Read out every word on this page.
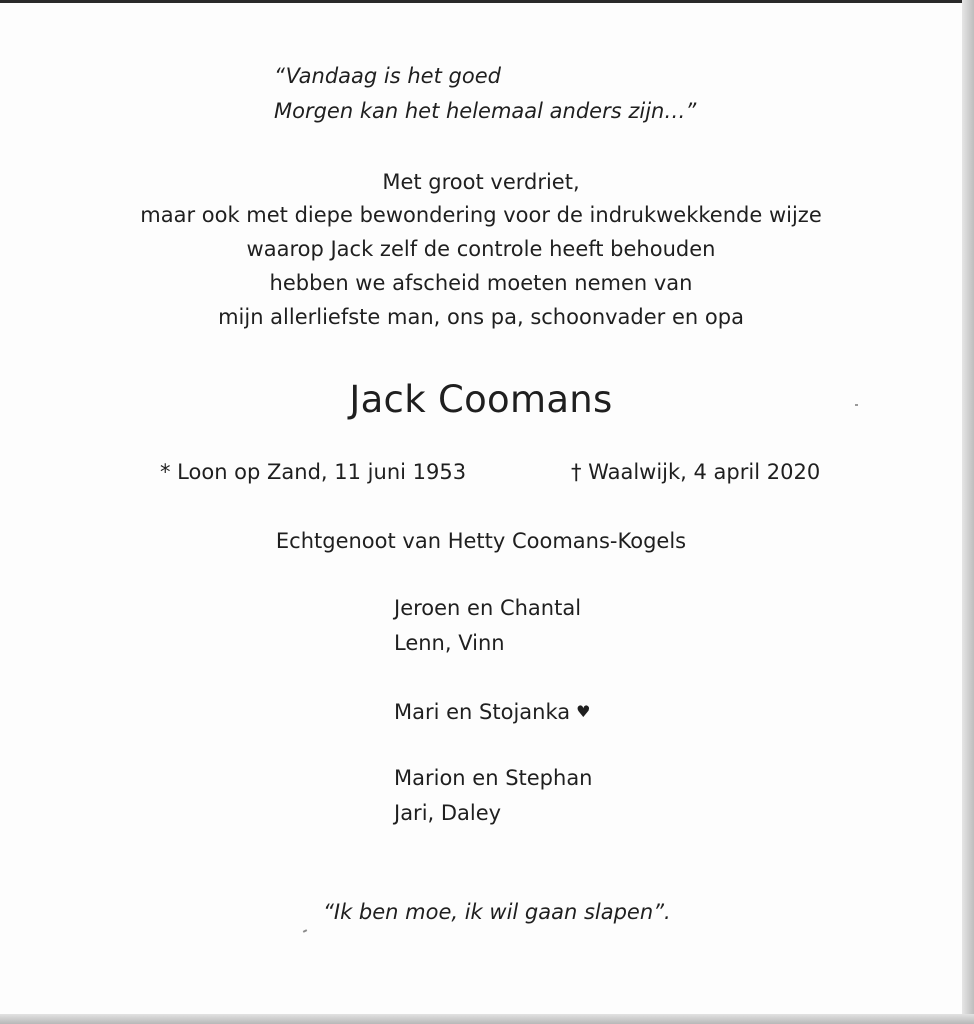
“Vandaag is het goed
Morgen kan het helemaal anders zijn…”
Met groot verdriet,
maar ook met diepe bewondering voor de indrukwekkende wijze
waarop Jack zelf de controle heeft behouden
hebben we afscheid moeten nemen van
mijn allerliefste man, ons pa, schoonvader en opa
Jack Coomans
* Loon op Zand, 11 juni 1953	† Waalwijk, 4 april 2020
Echtgenoot van Hetty Coomans-Kogels
Jeroen en Chantal
Lenn, Vinn
Mari en Stojanka ♥
Marion en Stephan
Jari, Daley
“Ik ben moe, ik wil gaan slapen”.
